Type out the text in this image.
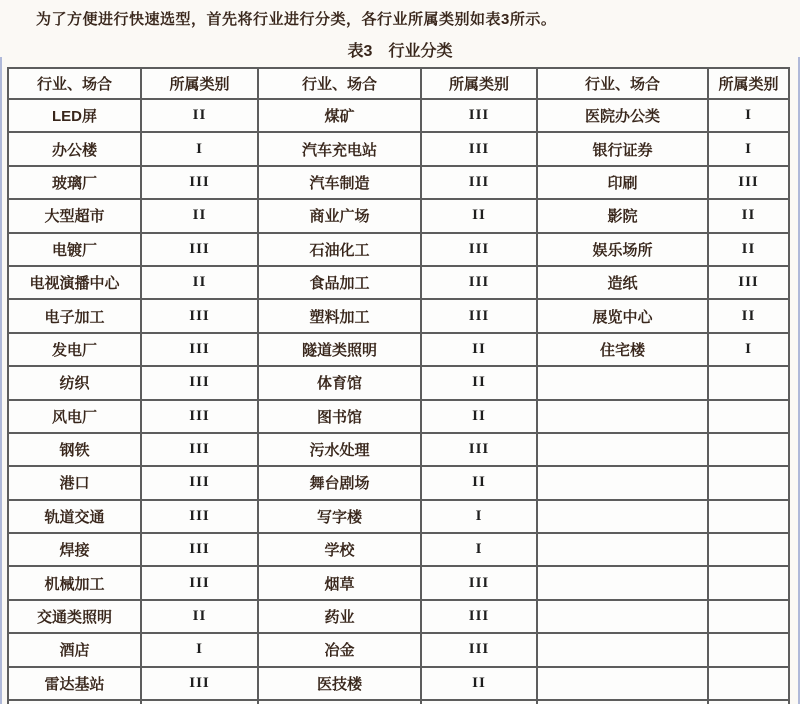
为了方便进行快速选型，首先将行业进行分类，各行业所属类别如表3所示。

表3　行业分类
行业、场合	所属类别	行业、场合	所属类别	行业、场合	所属类别
LED屏	II	煤矿	III	医院办公类	I
办公楼	I	汽车充电站	III	银行证券	I
玻璃厂	III	汽车制造	III	印刷	III
大型超市	II	商业广场	II	影院	II
电镀厂	III	石油化工	III	娱乐场所	II
电视演播中心	II	食品加工	III	造纸	III
电子加工	III	塑料加工	III	展览中心	II
发电厂	III	隧道类照明	II	住宅楼	I
纺织	III	体育馆	II		
风电厂	III	图书馆	II		
钢铁	III	污水处理	III		
港口	III	舞台剧场	II		
轨道交通	III	写字楼	I		
焊接	III	学校	I		
机械加工	III	烟草	III		
交通类照明	II	药业	III		
酒店	I	冶金	III		
雷达基站	III	医技楼	II		
